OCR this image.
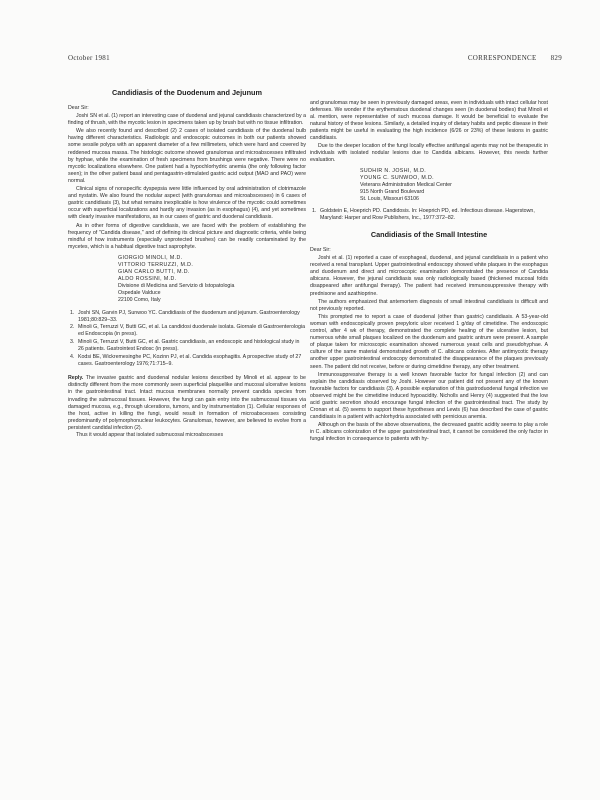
October 1981	CORRESPONDENCE 829
Candidiasis of the Duodenum and Jejunum
Dear Sir:

Joshi SN et al. (1) report an interesting case of duodenal and jejunal candidiasis characterized by a finding of thrush, with the mycotic lesion in specimens taken up by brush but with no tissue infiltration.

We also recently found and described (2) 2 cases of isolated candidiasis of the duodenal bulb having different characteristics. Radiologic and endoscopic outcomes in both our patients showed some sessile polyps with an apparent diameter of a few millimeters, which were hard and covered by reddened mucosa massa. The histologic outcome showed granulomas and microabscesses infiltrated by hyphae, while the examination of fresh specimens from brushings were negative. There were no mycotic localizations elsewhere. One patient had a hypochlorhydric anemia (the only following factor seen); in the other patient basal and pentagastrin-stimulated gastric acid output (MAO and PAO) were normal.

Clinical signs of nonspecific dyspepsia were little influenced by oral administration of clotrimazole and nystatin. We also found the nodular aspect (with granulomas and microabscesses) in 6 cases of gastric candidiasis (3), but what remains inexplicable is how virulence of the mycotic could sometimes occur with superficial localizations and hardly any invasion (as in esophagus) (4), and yet sometimes with clearly invasive manifestations, as in our cases of gastric and duodenal candidiasis.

As in other forms of digestive candidiasis, we are faced with the problem of establishing the frequency of "Candida disease," and of defining its clinical picture and diagnostic criteria, while being mindful of how instruments (especially unprotected brushes) can be readily contaminated by the mycetes, which is a habitual digestive tract saprophyte.

GIORGIO MINOLI, M.D.
VITTORIO TERRUZZI, M.D.
GIAN CARLO BUTTI, M.D.
ALDO ROSSINI, M.D.
Divisione di Medicina and Servizio di Istopatologia
Ospedale Valduce
22100 Como, Italy
1. Joshi SN, Garvin PJ, Sunwoo YC. Candidiasis of the duodenum and jejunum. Gastroenterology 1981;80:829–33.
2. Minoli G, Terruzzi V, Butti GC, et al. La candidosi duodenale isolata. Giornale di Gastroenterologia ed Endoscopia (in press).
3. Minoli G, Terruzzi V, Butti GC, et al. Gastric candidiasis, an endoscopic and histological study in 26 patients. Gastrointest Endosc (in press).
4. Kodsi BE, Wickremesinghe PC, Kozinn PJ, et al. Candida esophagitis. A prospective study of 27 cases. Gastroenterology 1976;71:715–9.

Reply. The invasive gastric and duodenal nodular lesions described by Minoli et al. appear to be distinctly different from the more commonly seen superficial plaquelike and mucosal ulcerative lesions in the gastrointestinal tract. Intact mucous membranes normally prevent candida species from invading the submucosal tissues. However, the fungi can gain entry into the submucosal tissues via damaged mucosa, e.g., through ulcerations, tumors, and by instrumentation (1). Cellular responses of the host, active in killing the fungi, would result in formation of microabscesses consisting predominantly of polymorphonuclear leukocytes. Granulomas, however, are believed to evolve from a persistent candidal infection (2).

Thus it would appear that isolated submucosal microabscesses

and granulomas may be seen in previously damaged areas, even in individuals with intact cellular host defenses. We wonder if the erythematous duodenal changes seen (in duodenal bodies) that Minoli et al. mention, were representative of such mucosa damage. It would be beneficial to evaluate the natural history of these lesions. Similarly, a detailed inquiry of dietary habits and peptic disease in their patients might be useful in evaluating the high incidence (6/26 or 23%) of these lesions in gastric candidiasis.

Due to the deeper location of the fungi locally effective antifungal agents may not be therapeutic in individuals with isolated nodular lesions due to Candida albicans. However, this needs further evaluation.

SUDHIR N. JOSHI, M.D.
YOUNG C. SUNWOO, M.D.
Veterans Administration Medical Center
915 North Grand Boulevard
St. Louis, Missouri 63106
1. Goldstein E, Hoeprich PD. Candidosis. In: Hoeprich PD, ed. Infectious disease. Hagerstown, Maryland: Harper and Row Publishers, Inc., 1977:372–82.
Candidiasis of the Small Intestine
Dear Sir:

Joshi et al. (1) reported a case of esophageal, duodenal, and jejunal candidiasis in a patient who received a renal transplant. Upper gastrointestinal endoscopy showed white plaques in the esophagus and duodenum and direct and microscopic examination demonstrated the presence of Candida albicans. However, the jejunal candidiasis was only radiologically based (thickened mucosal folds disappeared after antifungal therapy). The patient had received immunosuppressive therapy with prednisone and azathioprine.

The authors emphasized that antemortem diagnosis of small intestinal candidiasis is difficult and not previously reported.

This prompted me to report a case of duodenal (other than gastric) candidiasis. A 53-year-old woman with endoscopically proven prepyloric ulcer received 1 g/day of cimetidine. The endoscopic control, after 4 wk of therapy, demonstrated the complete healing of the ulcerative lesion, but numerous white small plaques localized on the duodenum and gastric antrum were present. A sample of plaque taken for microscopic examination showed numerous yeast cells and pseudohyphae. A culture of the same material demonstrated growth of C. albicans colonies. After antimycotic therapy another upper gastrointestinal endoscopy demonstrated the disappearance of the plaques previously seen. The patient did not receive, before or during cimetidine therapy, any other treatment.

Immunosuppressive therapy is a well known favorable factor for fungal infection (2) and can explain the candidiasis observed by Joshi. However our patient did not present any of the known favorable factors for candidiasis (3). A possible explanation of this gastroduodenal fungal infection we observed might be the cimetidine induced hypoacidity. Nicholls and Henry (4) suggested that the low acid gastric secretion should encourage fungal infection of the gastrointestinal tract. The study by Cronan et al. (5) seems to support these hypotheses and Lewis (6) has described the case of gastric candidiasis in a patient with achlorhydria associated with pernicious anemia.

Although on the basis of the above observations, the decreased gastric acidity seems to play a role in C. albicans colonization of the upper gastrointestinal tract, it cannot be considered the only factor in fungal infection in consequence to patients with hy-
